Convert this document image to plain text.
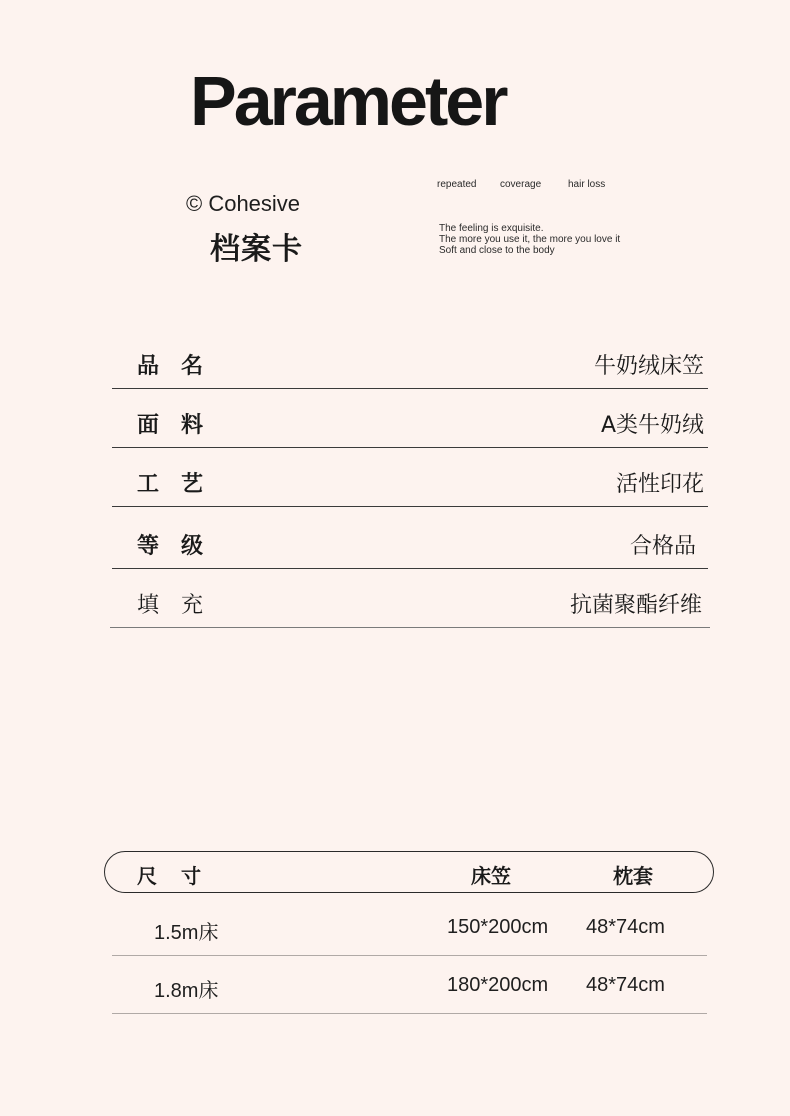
Parameter
© Cohesive
档案卡
repeated coverage	hair loss
The feeling is exquisite.
The more you use it, the more you love it
Soft and close to the body
品名	牛奶绒床笠
面料	A类牛奶绒
工艺	活性印花
等级	合格品
填充	抗菌聚酯纤维
尺寸	床笠	枕套
1.5m床	150*200cm 48*74cm
1.8m床	180*200cm 48*74cm
